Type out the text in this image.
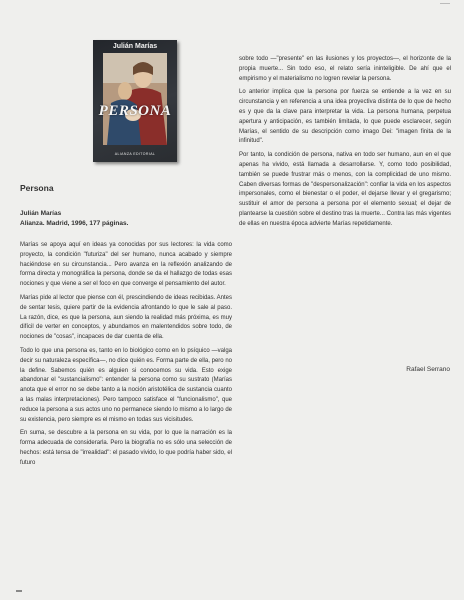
Julián Marías
PERSONA
ALIANZA EDITORIAL
Persona
Julián Marías
Alianza. Madrid, 1996, 177 páginas.

Marías se apoya aquí en ideas ya conocidas por sus lectores: la vida como proyecto, la condición "futuriza" del ser humano, nunca acabado y siempre haciéndose en su circunstancia... Pero avanza en la reflexión analizando de forma directa y monográfica la persona, donde se da el hallazgo de todas esas nociones y que viene a ser el foco en que converge el pensamiento del autor.

Marías pide al lector que piense con él, prescindiendo de ideas recibidas. Antes de sentar tesis, quiere partir de la evidencia afrontando lo que le sale al paso. La razón, dice, es que la persona, aun siendo la realidad más próxima, es muy difícil de verter en conceptos, y abundamos en malentendidos sobre todo, de nociones de "cosas", incapaces de dar cuenta de ella.

Todo lo que una persona es, tanto en lo biológico como en lo psíquico —valga decir su naturaleza específica—, no dice quién es. Forma parte de ella, pero no la define. Sabemos quién es alguien si conocemos su vida. Esto exige abandonar el "sustancialismo": entender la persona como su sustrato (Marías anota que el error no se debe tanto a la noción aristotélica de sustancia cuanto a las malas interpretaciones). Pero tampoco satisface el "funcionalismo", que reduce la persona a sus actos uno no permanece siendo lo mismo a lo largo de su existencia, pero siempre es el mismo en todas sus vicisitudes.

En suma, se descubre a la persona en su vida, por lo que la narración es la forma adecuada de considerarla. Pero la biografía no es sólo una selección de hechos: está tensa de "irrealidad": el pasado vivido, lo que podría haber sido, el futuro

sobre todo —"presente" en las ilusiones y los proyectos—, el horizonte de la propia muerte... Sin todo eso, el relato sería ininteligible. De ahí que el empirismo y el materialismo no logren revelar la persona.

Lo anterior implica que la persona por fuerza se entiende a la vez en su circunstancia y en referencia a una idea proyectiva distinta de lo que de hecho es y que da la clave para interpretar la vida. La persona humana, perpetua apertura y anticipación, es también limitada, lo que puede esclarecer, según Marías, el sentido de su descripción como imago Dei: "imagen finita de la infinitud".

Por tanto, la condición de persona, nativa en todo ser humano, aun en el que apenas ha vivido, está llamada a desarrollarse. Y, como todo posibilidad, también se puede frustrar más o menos, con la complicidad de uno mismo. Caben diversas formas de "despersonalización": confiar la vida en los aspectos impersonales, como el bienestar o el poder, el dejarse llevar y el gregarismo; sustituir el amor de persona a persona por el elemento sexual; el dejar de plantearse la cuestión sobre el destino tras la muerte... Contra las más vigentes de ellas en nuestra época advierte Marías repetidamente.

Rafael Serrano
